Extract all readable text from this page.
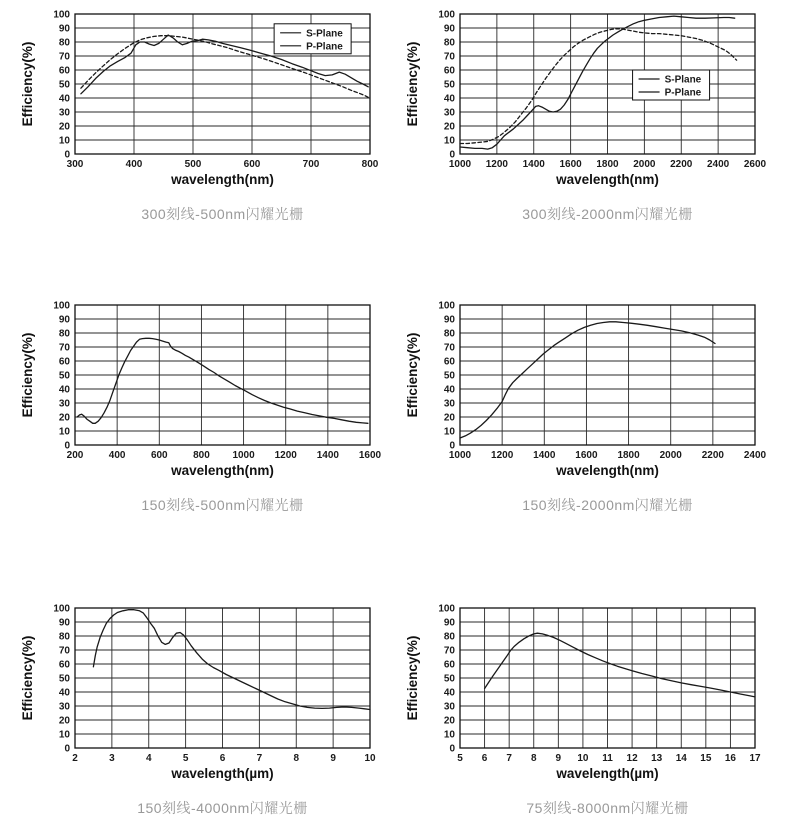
0
10
20
30
40
50
60
70
80
90
100
300	400	500	600	700	800
wavelength(nm)
Efficiency(%)
S-Plane
P-Plane
300刻线-500nm闪耀光栅
0
10
20
30
40
50
60
70
80
90
100
1000 1200 1400 1600 1800 2000 2200 2400 2600
wavelength(nm)
Efficiency(%)	S-Plane
P-Plane
300刻线-2000nm闪耀光栅
0
10
20
30
40
50
60
70
80
90
100
200	400	600	800 1000 1200 1400 1600
wavelength(nm)
Efficiency(%)
150刻线-500nm闪耀光栅
0
10
20
30
40
50
60
70
80
90
100
1000 1200 1400 1600 1800 2000 2200 2400
wavelength(nm)
Efficiency(%)
150刻线-2000nm闪耀光栅
0
10
20
30
40
50
60
70
80
90
100
2	3	4	5	6	7	8	9	10
wavelength(µm)
Efficiency(%)
150刻线-4000nm闪耀光栅
0
10
20
30
40
50
60
70
80
90
100
5 6 7 8 9 10 11 12 13 14 15 16 17
wavelength(µm)
Efficiency(%)
75刻线-8000nm闪耀光栅
